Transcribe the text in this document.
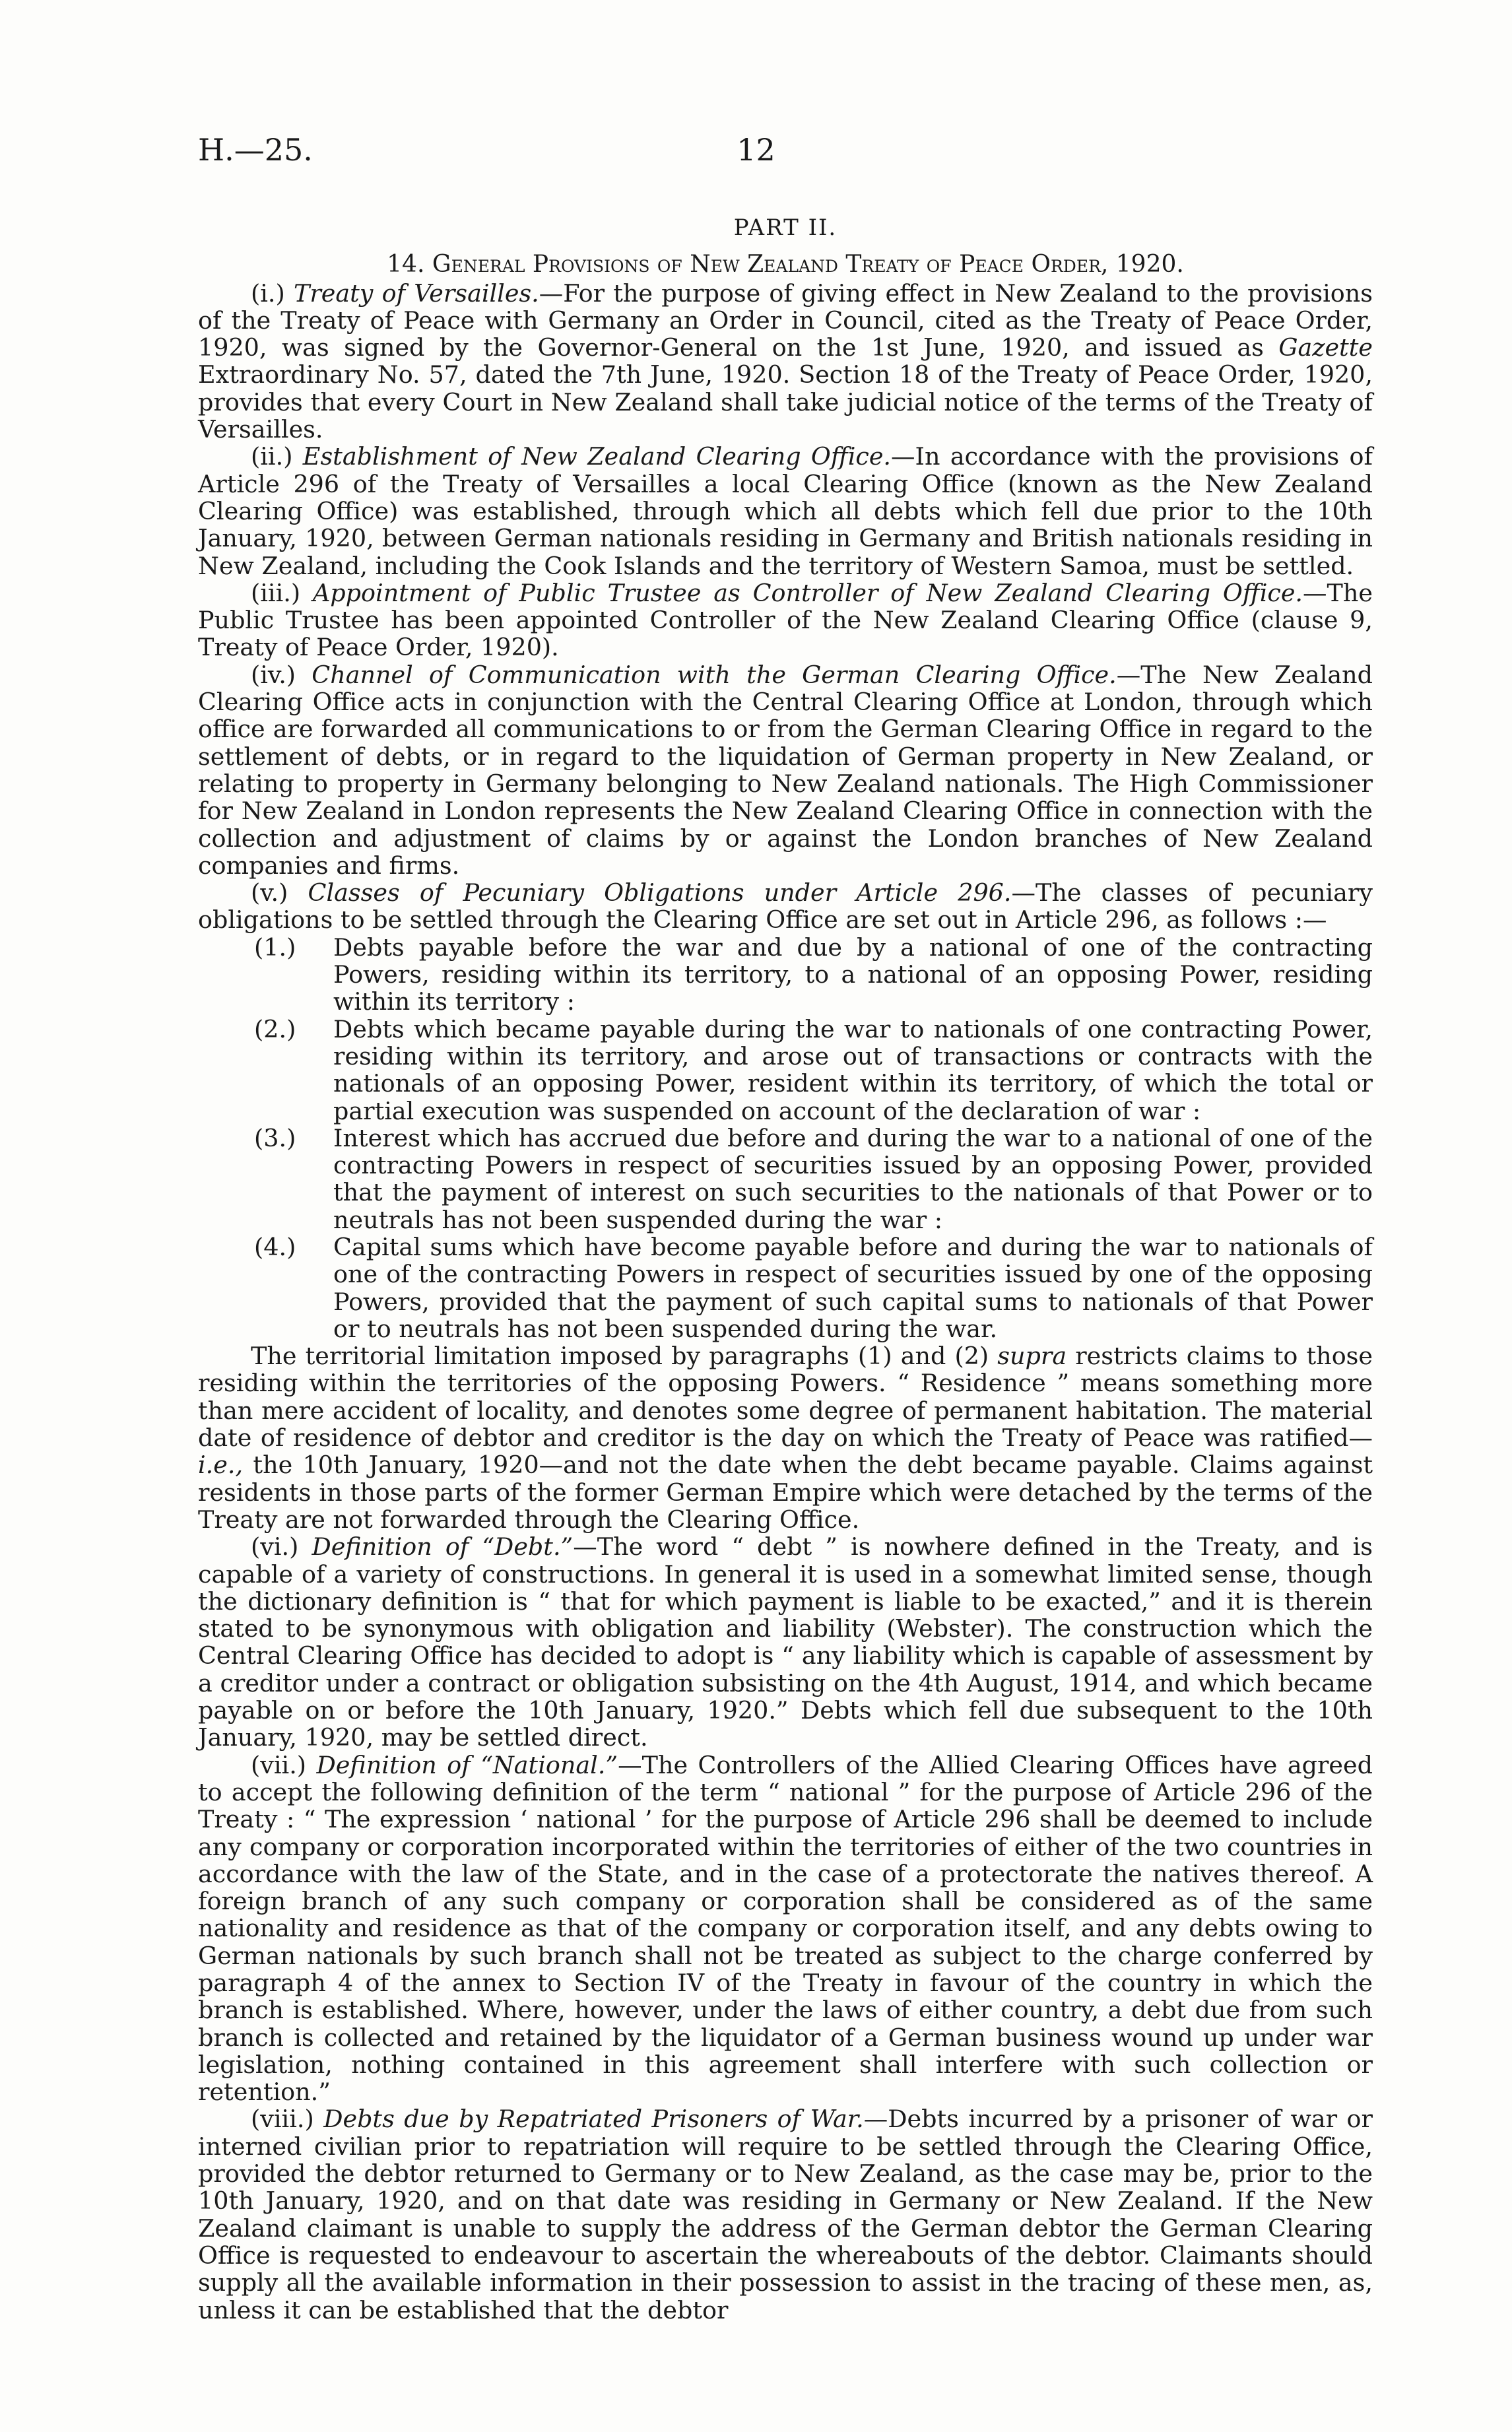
H.—25.	12
PART II.
14. General Provisions of New Zealand Treaty of Peace Order, 1920.

(i.) Treaty of Versailles.—For the purpose of giving effect in New Zealand to the provisions of the Treaty of Peace with Germany an Order in Council, cited as the Treaty of Peace Order, 1920, was signed by the Governor-General on the 1st June, 1920, and issued as Gazette Extraordinary No. 57, dated the 7th June, 1920. Section 18 of the Treaty of Peace Order, 1920, provides that every Court in New Zealand shall take judicial notice of the terms of the Treaty of Versailles.

(ii.) Establishment of New Zealand Clearing Office.—In accordance with the provisions of Article 296 of the Treaty of Versailles a local Clearing Office (known as the New Zealand Clearing Office) was established, through which all debts which fell due prior to the 10th January, 1920, between German nationals residing in Germany and British nationals residing in New Zealand, including the Cook Islands and the territory of Western Samoa, must be settled.

(iii.) Appointment of Public Trustee as Controller of New Zealand Clearing Office.—The Public Trustee has been appointed Controller of the New Zealand Clearing Office (clause 9, Treaty of Peace Order, 1920).

(iv.) Channel of Communication with the German Clearing Office.—The New Zealand Clearing Office acts in conjunction with the Central Clearing Office at London, through which office are forwarded all communications to or from the German Clearing Office in regard to the settlement of debts, or in regard to the liquidation of German property in New Zealand, or relating to property in Germany belonging to New Zealand nationals. The High Commissioner for New Zealand in London represents the New Zealand Clearing Office in connection with the collection and adjustment of claims by or against the London branches of New Zealand companies and firms.

(v.) Classes of Pecuniary Obligations under Article 296.—The classes of pecuniary obligations to be settled through the Clearing Office are set out in Article 296, as follows :—

(1.) Debts payable before the war and due by a national of one of the contracting Powers, residing within its territory, to a national of an opposing Power, residing within its territory :
(2.) Debts which became payable during the war to nationals of one contracting Power, residing within its territory, and arose out of transactions or contracts with the nationals of an opposing Power, resident within its territory, of which the total or partial execution was suspended on account of the declaration of war :
(3.) Interest which has accrued due before and during the war to a national of one of the contracting Powers in respect of securities issued by an opposing Power, provided that the payment of interest on such securities to the nationals of that Power or to neutrals has not been suspended during the war :
(4.) Capital sums which have become payable before and during the war to nationals of one of the contracting Powers in respect of securities issued by one of the opposing Powers, provided that the payment of such capital sums to nationals of that Power or to neutrals has not been suspended during the war.

The territorial limitation imposed by paragraphs (1) and (2) supra restricts claims to those residing within the territories of the opposing Powers. “ Residence ” means something more than mere accident of locality, and denotes some degree of permanent habitation. The material date of residence of debtor and creditor is the day on which the Treaty of Peace was ratified—i.e., the 10th January, 1920—and not the date when the debt became payable. Claims against residents in those parts of the former German Empire which were detached by the terms of the Treaty are not forwarded through the Clearing Office.

(vi.) Definition of “Debt.”—The word “ debt ” is nowhere defined in the Treaty, and is capable of a variety of constructions. In general it is used in a somewhat limited sense, though the dictionary definition is “ that for which payment is liable to be exacted,” and it is therein stated to be synonymous with obligation and liability (Webster). The construction which the Central Clearing Office has decided to adopt is “ any liability which is capable of assessment by a creditor under a contract or obligation subsisting on the 4th August, 1914, and which became payable on or before the 10th January, 1920.” Debts which fell due subsequent to the 10th January, 1920, may be settled direct.

(vii.) Definition of “National.”—The Controllers of the Allied Clearing Offices have agreed to accept the following definition of the term “ national ” for the purpose of Article 296 of the Treaty : “ The expression ‘ national ’ for the purpose of Article 296 shall be deemed to include any company or corporation incorporated within the territories of either of the two countries in accordance with the law of the State, and in the case of a protectorate the natives thereof. A foreign branch of any such company or corporation shall be considered as of the same nationality and residence as that of the company or corporation itself, and any debts owing to German nationals by such branch shall not be treated as subject to the charge conferred by paragraph 4 of the annex to Section IV of the Treaty in favour of the country in which the branch is established. Where, however, under the laws of either country, a debt due from such branch is collected and retained by the liquidator of a German business wound up under war legislation, nothing contained in this agreement shall interfere with such collection or retention.”

(viii.) Debts due by Repatriated Prisoners of War.—Debts incurred by a prisoner of war or interned civilian prior to repatriation will require to be settled through the Clearing Office, provided the debtor returned to Germany or to New Zealand, as the case may be, prior to the 10th January, 1920, and on that date was residing in Germany or New Zealand. If the New Zealand claimant is unable to supply the address of the German debtor the German Clearing Office is requested to endeavour to ascertain the whereabouts of the debtor. Claimants should supply all the available information in their possession to assist in the tracing of these men, as, unless it can be established that the debtor
